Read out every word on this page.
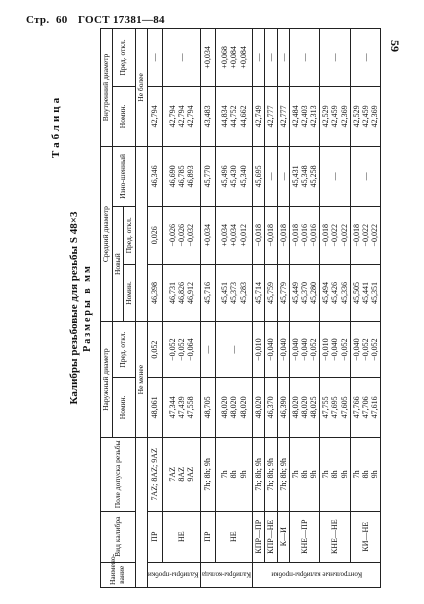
Стр. 60 ГОСТ 17381—84
59
Таблица
Калибры резьбовые для резьбы S 48×3 Размеры в мм
Наимено-вание	Вид калибра	Поле допуска резьбы	Наружный диаметр		Средний диаметр			Внутренний диаметр	
			Номин.	Пред. откл.	Новый		Изно-шенный	Номин.	Пред. откл.
					Номин.	Пред. откл.			
			Не менее					Не более	
Калибры-пробки	ПР	7AZ; 8AZ; 9AZ	48,061	0,052	46,398	0,026	46,346	42,794	—
	НЕ	7AZ 8AZ 9AZ	47,344 47,439 47,558	−0,052 −0,052 −0,064	46,731 46,826 46,912	−0,026 −0,026 −0,032	46,690 46,785 46,893	42,794 42,794 42,794	—
Калибры-кольца	ПР	7h; 8h; 9h	48,705	—	45,716	+0,034	45,770	43,483	+0,034
	НЕ	7h 8h 9h	48,020 48,020 48,020	—	45,451 45,373 45,283	+0,034 +0,034 +0,012	45,496 45,430 45,340	44,834 44,752 44,662	+0,068 +0,084 +0,084

Контрольные калибры-пробки	КПР—ПР	7h; 8h; 9h	48,020	−0,010	45,714	−0,018	45,695	42,749	—
	КПР—НЕ	7h; 8h; 9h	46,370	−0,040	45,759	−0,018	—	42,777	—
	К—И	7h; 8h; 9h	46,390	−0,040	45,779	−0,018	—	42,777	—
	КНЕ—ПР	7h 8h 9h	48,020 48,020 48,025	−0,040 −0,040 −0,052	45,449 45,370 45,280	−0,018 −0,016 −0,016	45,431 45,348 45,258	42,484 42,403 42,313	—
	КНЕ—НЕ	7h 8h 9h	47,755 47,695 47,605	−0,010 −0,040 −0,052	45,494 45,426 45,336	−0,018 −0,022 −0,022	—	42,529 42,459 42,369	—
	КИ—НЕ	7h 8h 9h	47,766 47,706 47,616	−0,040 −0,052 −0,052	45,505 45,441 45,351	−0,018 −0,022 −0,022	—	42,529 42,459 42,369	—
